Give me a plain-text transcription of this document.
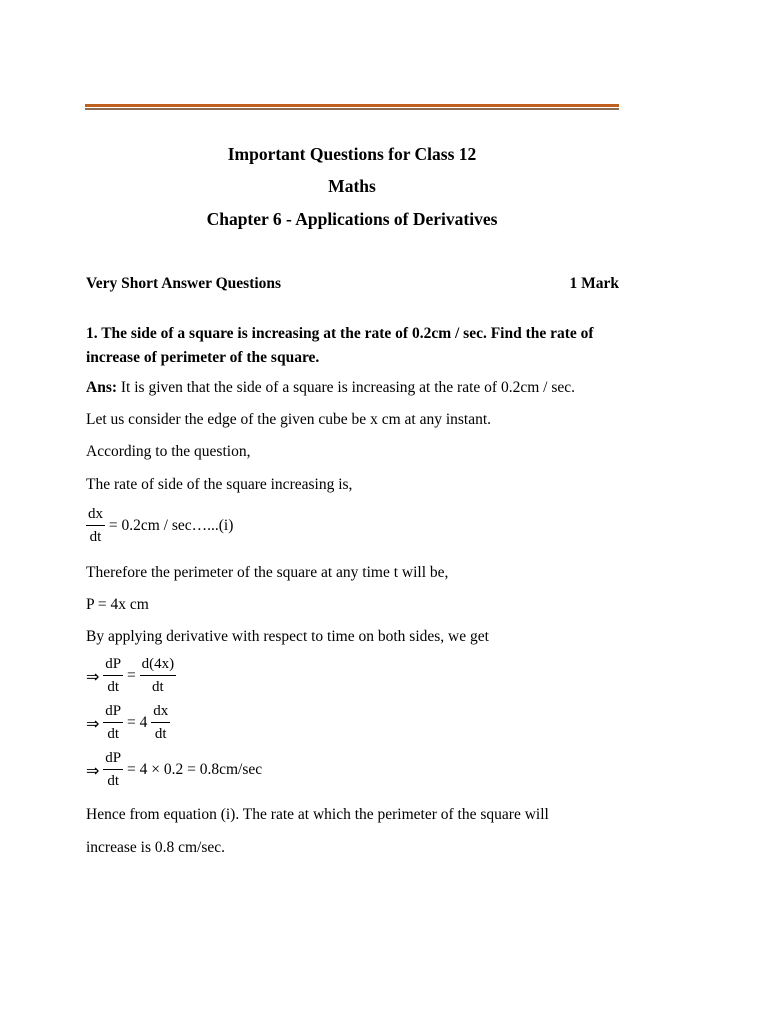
Important Questions for Class 12
Maths
Chapter 6 - Applications of Derivatives
Very Short Answer Questions	1 Mark
1. The side of a square is increasing at the rate of 0.2cm / sec. Find the rate of increase of perimeter of the square.
Ans: It is given that the side of a square is increasing at the rate of 0.2cm / sec.
Let us consider the edge of the given cube be x cm at any instant.
According to the question,
The rate of side of the square increasing is,
$\frac{dx}{dt} = 0.2cm$ / sec…...(i)
Therefore the perimeter of the square at any time t will be,
P = 4x cm
By applying derivative with respect to time on both sides, we get
⇒ $\frac{dP}{dt} = \frac{d(4x)}{dt}$
⇒ $\frac{dP}{dt} = 4 \frac{dx}{dt}$
⇒ $\frac{dP}{dt} = 4 \times 0.2 = 0.8cm/\sec$
Hence from equation (i). The rate at which the perimeter of the square will
increase is 0.8 cm/sec.
